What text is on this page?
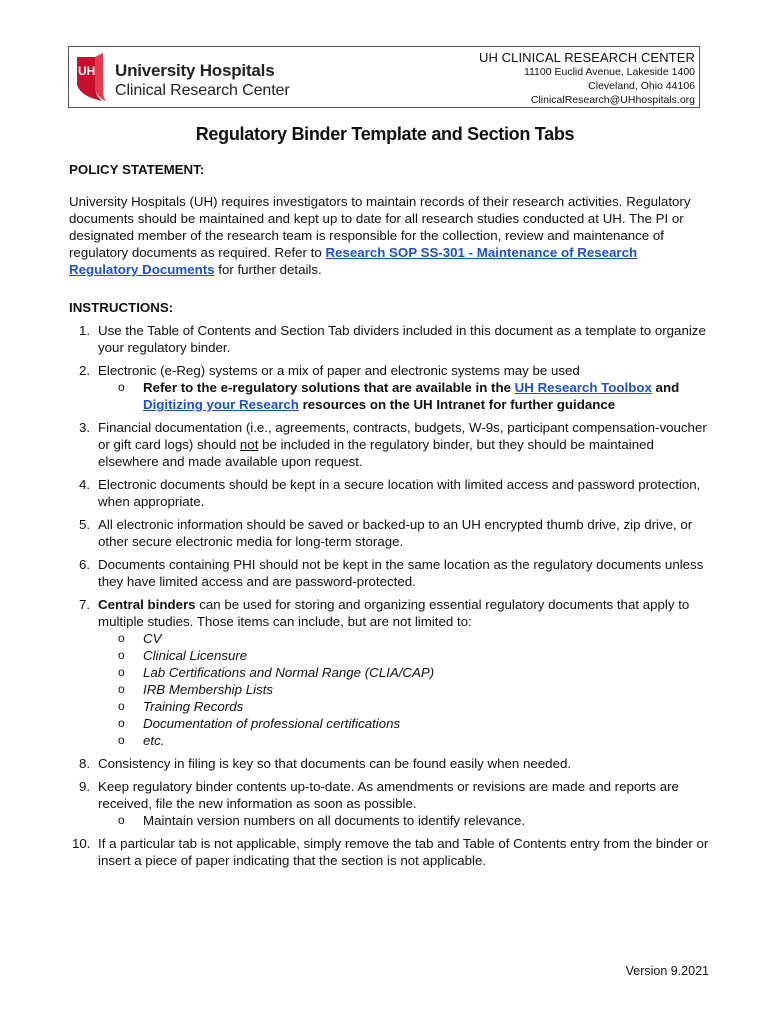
UH University Hospitals
Clinical Research Center
UH CLINICAL RESEARCH CENTER
11100 Euclid Avenue, Lakeside 1400
Cleveland, Ohio 44106
ClinicalResearch@UHhospitals.org
Regulatory Binder Template and Section Tabs

POLICY STATEMENT:

University Hospitals (UH) requires investigators to maintain records of their research activities. Regulatory documents should be maintained and kept up to date for all research studies conducted at UH. The PI or designated member of the research team is responsible for the collection, review and maintenance of regulatory documents as required. Refer to Research SOP SS-301 - Maintenance of Research Regulatory Documents for further details.

INSTRUCTIONS:

1. Use the Table of Contents and Section Tab dividers included in this document as a template to organize your regulatory binder.
2. Electronic (e-Reg) systems or a mix of paper and electronic systems may be used
o Refer to the e-regulatory solutions that are available in the UH Research Toolbox and Digitizing your Research resources on the UH Intranet for further guidance
3. Financial documentation (i.e., agreements, contracts, budgets, W-9s, participant compensation-voucher or gift card logs) should not be included in the regulatory binder, but they should be maintained elsewhere and made available upon request.
4. Electronic documents should be kept in a secure location with limited access and password protection, when appropriate.
5. All electronic information should be saved or backed-up to an UH encrypted thumb drive, zip drive, or other secure electronic media for long-term storage.
6. Documents containing PHI should not be kept in the same location as the regulatory documents unless they have limited access and are password-protected.
7. Central binders can be used for storing and organizing essential regulatory documents that apply to multiple studies. Those items can include, but are not limited to:
o CV
o Clinical Licensure
o Lab Certifications and Normal Range (CLIA/CAP)
o IRB Membership Lists
o Training Records
o Documentation of professional certifications
o etc.
8. Consistency in filing is key so that documents can be found easily when needed.
9. Keep regulatory binder contents up-to-date. As amendments or revisions are made and reports are received, file the new information as soon as possible.
o Maintain version numbers on all documents to identify relevance.
10. If a particular tab is not applicable, simply remove the tab and Table of Contents entry from the binder or insert a piece of paper indicating that the section is not applicable.
Version 9.2021
